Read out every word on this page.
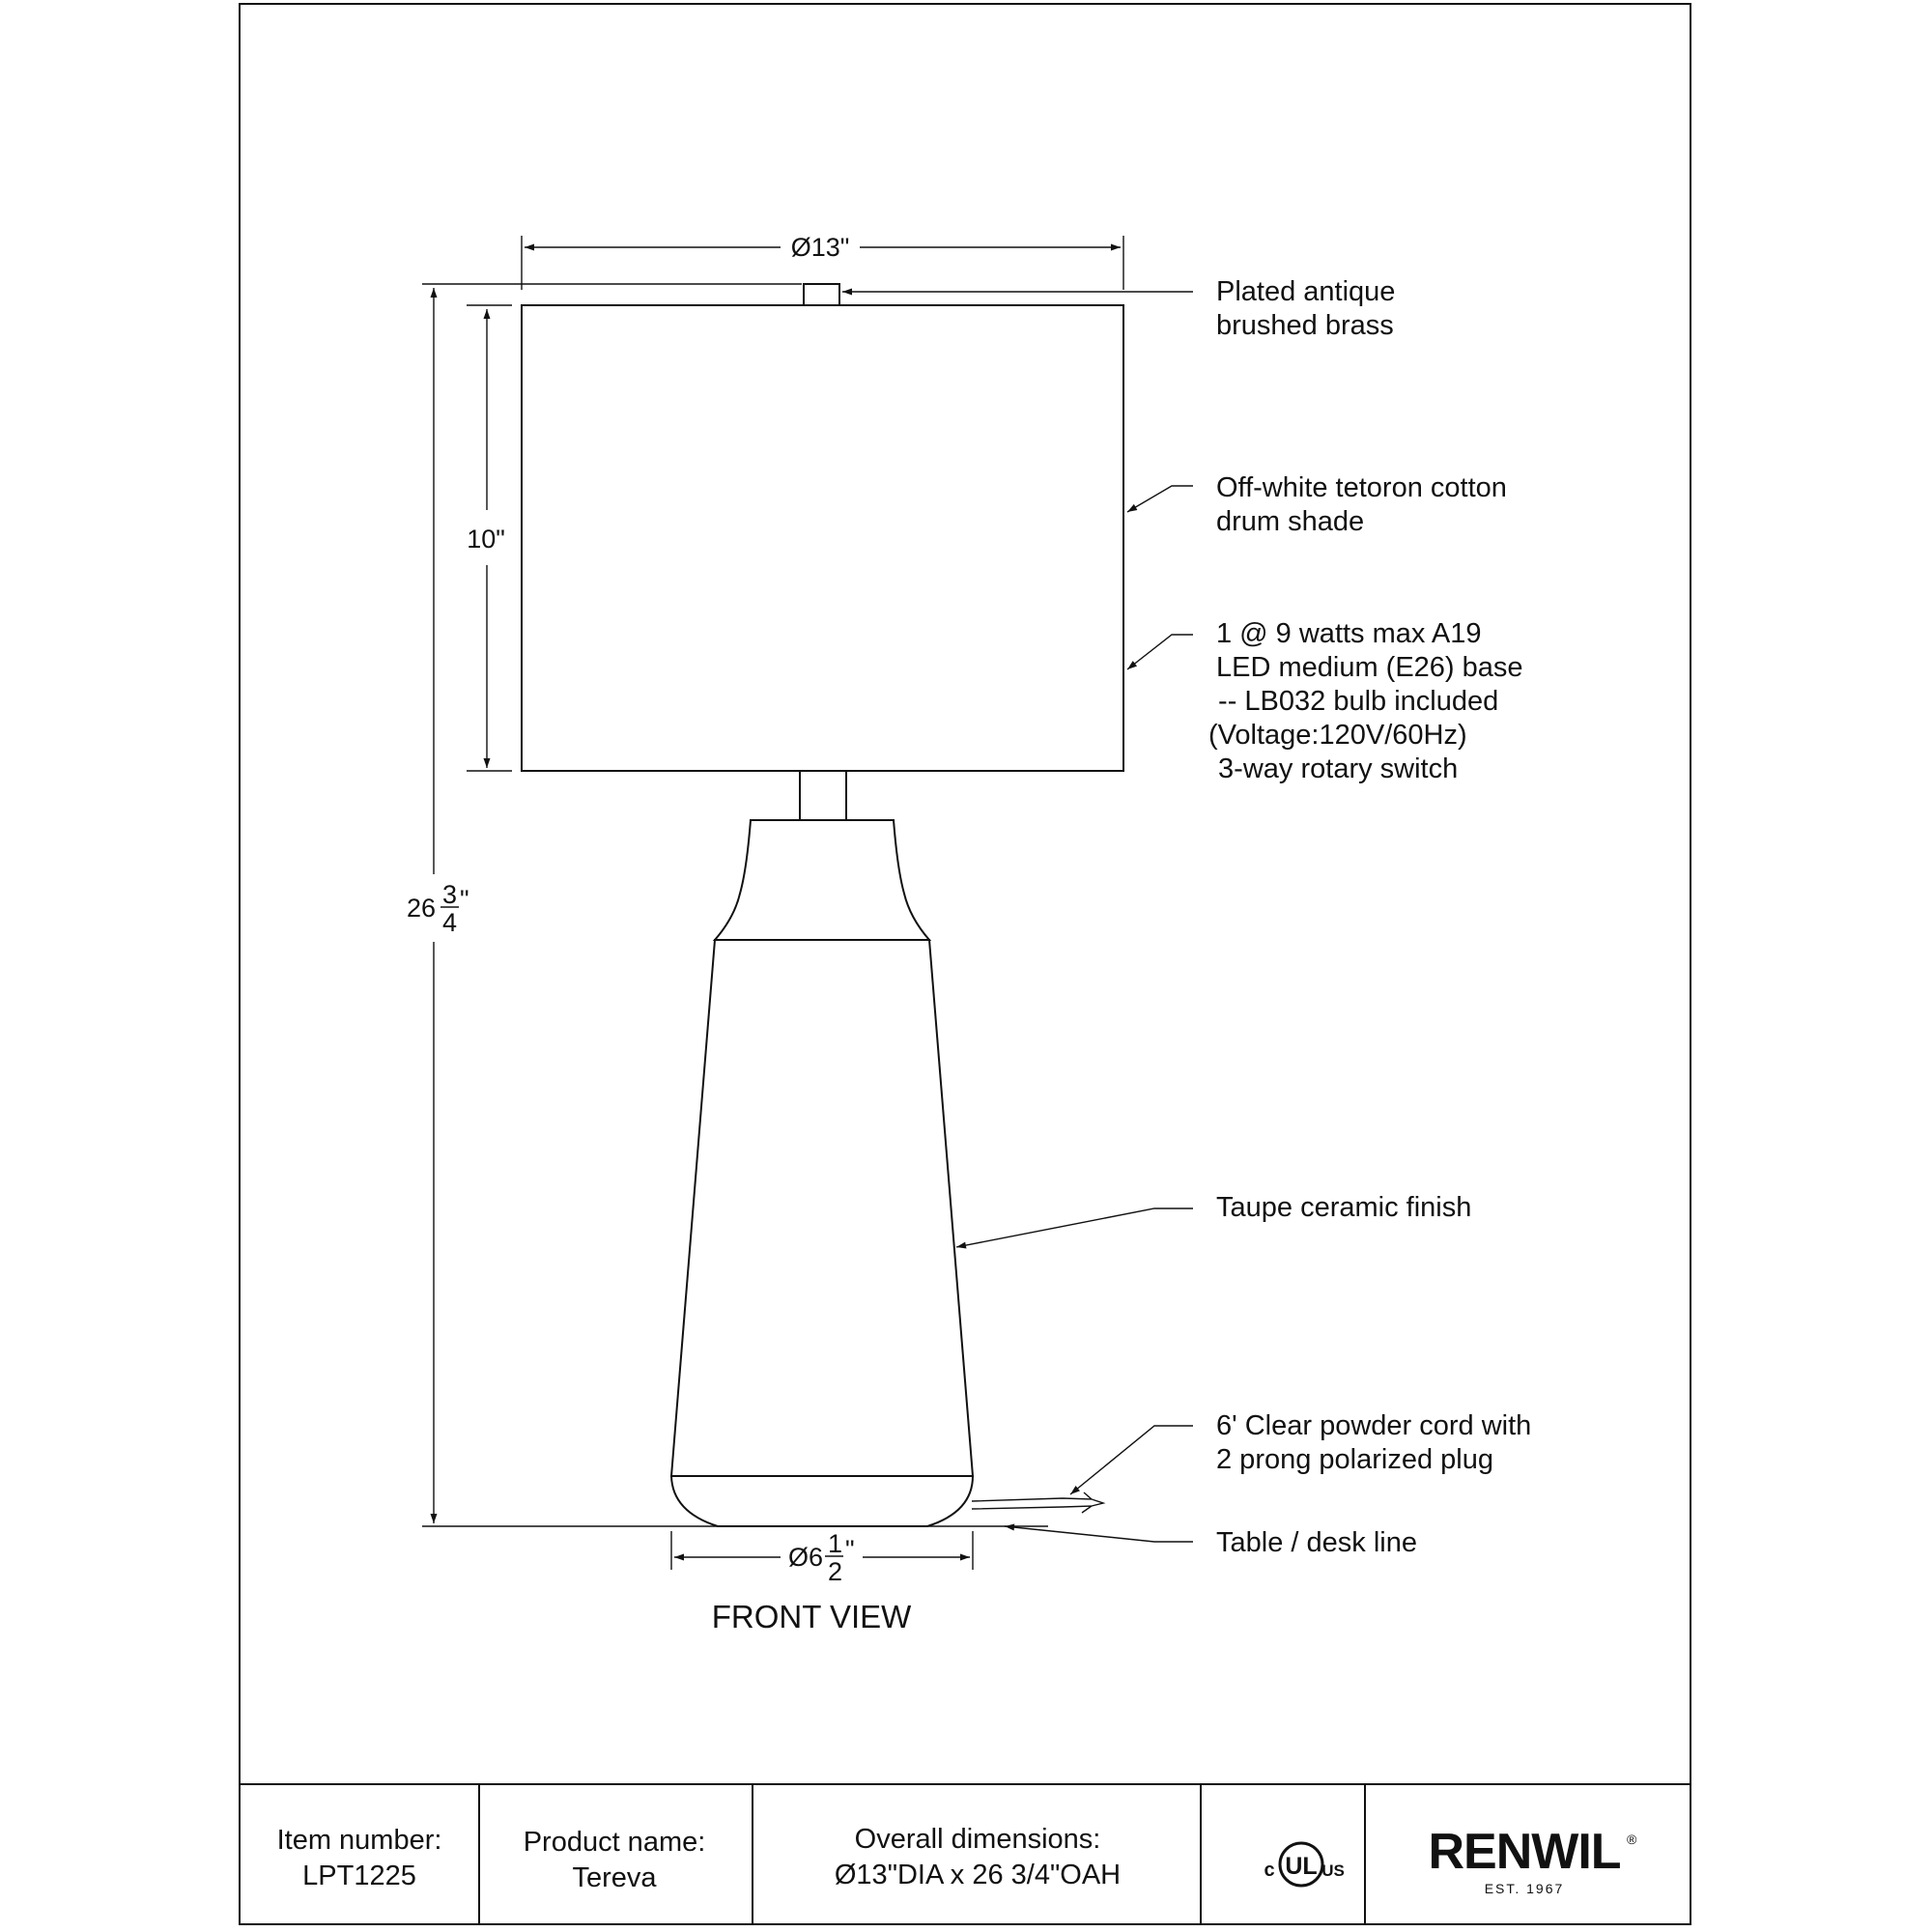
Ø13"
10"
26 3
4
"
Ø6 1
2
"
Plated antique brushed brass
Off-white tetoron cotton drum shade
1 @ 9 watts max A19 LED medium (E26) base        -- LB032 bulb included (Voltage:120V/60Hz)        3-way rotary switch
Taupe ceramic finish
6' Clear powder cord with 2 prong polarized plug
Table / desk line
FRONT VIEW
Item number:
LPT1225
Product name:
Tereva
Overall dimensions:
Ø13"DIA x 26 3/4"OAH	UL
c	US RENWIL ®
EST. 1967
